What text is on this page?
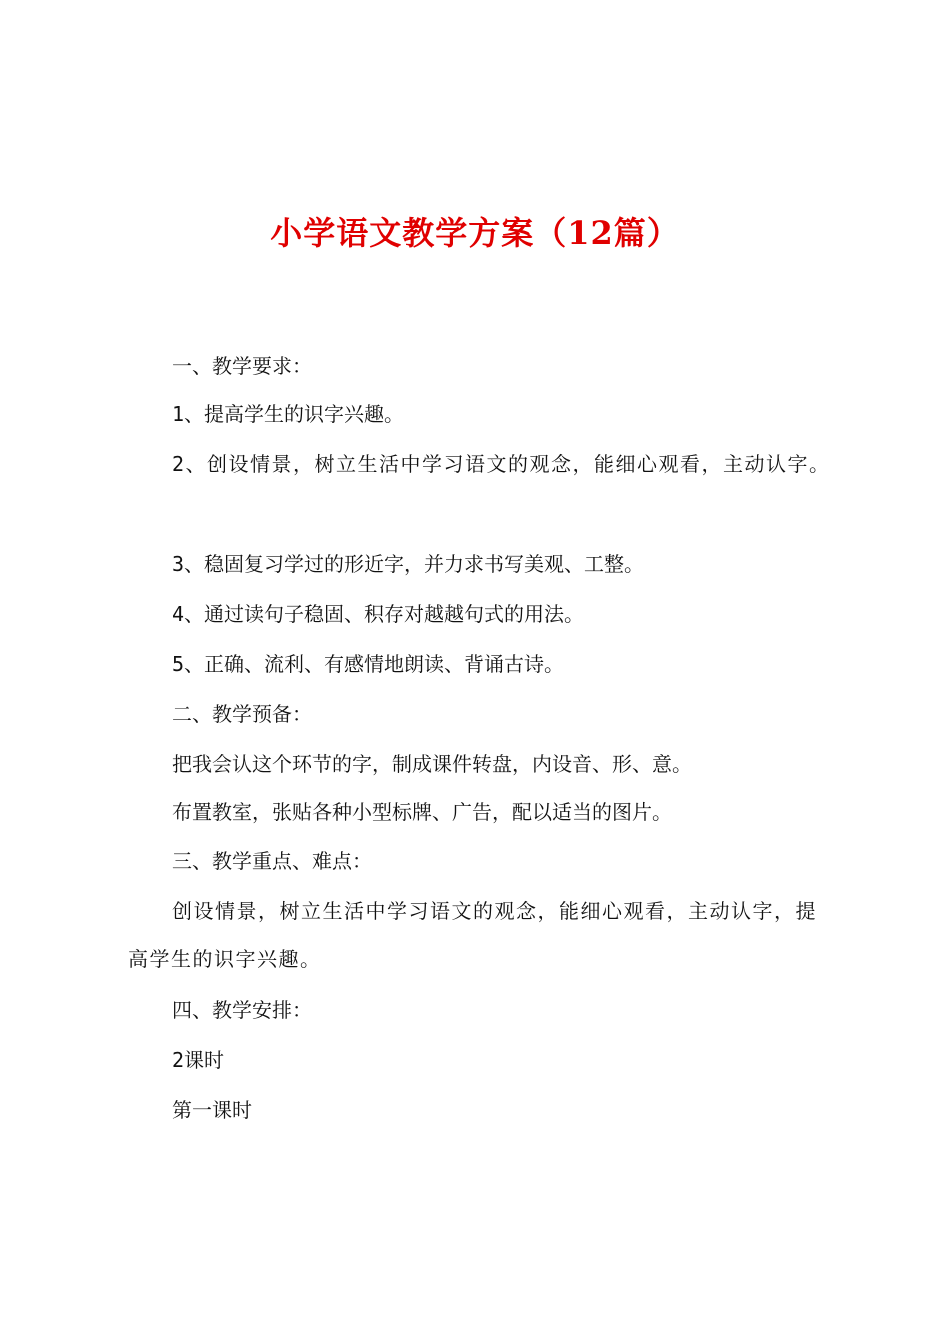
小学语文教学方案（12篇）
一、教学要求：
1、提高学生的识字兴趣。
2、创设情景，树立生活中学习语文的观念，能细心观看，主动认字。
3、稳固复习学过的形近字，并力求书写美观、工整。
4、通过读句子稳固、积存对越越句式的用法。
5、正确、流利、有感情地朗读、背诵古诗。
二、教学预备：
把我会认这个环节的字，制成课件转盘，内设音、形、意。
布置教室，张贴各种小型标牌、广告，配以适当的图片。
三、教学重点、难点：
创设情景，树立生活中学习语文的观念，能细心观看，主动认字，提高学生的识字兴趣。
四、教学安排：
2课时
第一课时
